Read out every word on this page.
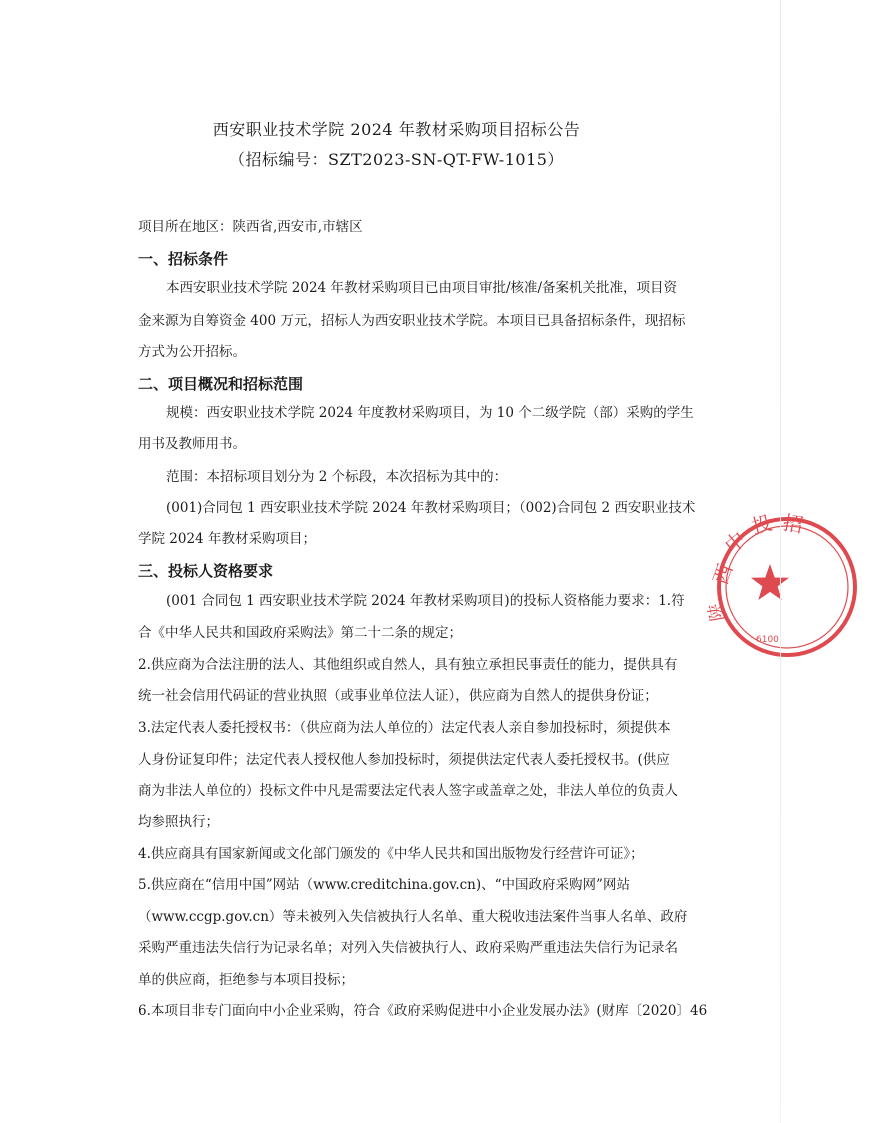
西安职业技术学院 2024 年教材采购项目招标公告
（招标编号：SZT2023-SN-QT-FW-1015）
项目所在地区：陕西省,西安市,市辖区
一、招标条件
本西安职业技术学院 2024 年教材采购项目已由项目审批/核准/备案机关批准，项目资
金来源为自筹资金 400 万元，招标人为西安职业技术学院。本项目已具备招标条件，现招标
方式为公开招标。
二、项目概况和招标范围
规模：西安职业技术学院 2024 年度教材采购项目，为 10 个二级学院（部）采购的学生
用书及教师用书。
范围：本招标项目划分为 2 个标段，本次招标为其中的：
(001)合同包 1 西安职业技术学院 2024 年教材采购项目；（002)合同包 2 西安职业技术
学院 2024 年教材采购项目；
三、投标人资格要求
(001 合同包 1 西安职业技术学院 2024 年教材采购项目)的投标人资格能力要求：1.符
合《中华人民共和国政府采购法》第二十二条的规定；
2.供应商为合法注册的法人、其他组织或自然人，具有独立承担民事责任的能力，提供具有
统一社会信用代码证的营业执照（或事业单位法人证），供应商为自然人的提供身份证；
3.法定代表人委托授权书：（供应商为法人单位的）法定代表人亲自参加投标时，须提供本
人身份证复印件；法定代表人授权他人参加投标时，须提供法定代表人委托授权书。(供应
商为非法人单位的）投标文件中凡是需要法定代表人签字或盖章之处，非法人单位的负责人
均参照执行；
4.供应商具有国家新闻或文化部门颁发的《中华人民共和国出版物发行经营许可证》；
5.供应商在“信用中国”网站（www.creditchina.gov.cn)、“中国政府采购网”网站
（www.ccgp.gov.cn）等未被列入失信被执行人名单、重大税收违法案件当事人名单、政府
采购严重违法失信行为记录名单；对列入失信被执行人、政府采购严重违法失信行为记录名
单的供应商，拒绝参与本项目投标；
6.本项目非专门面向中小企业采购，符合《政府采购促进中小企业发展办法》(财库〔2020〕46
西
中
投 招
陕
6100
